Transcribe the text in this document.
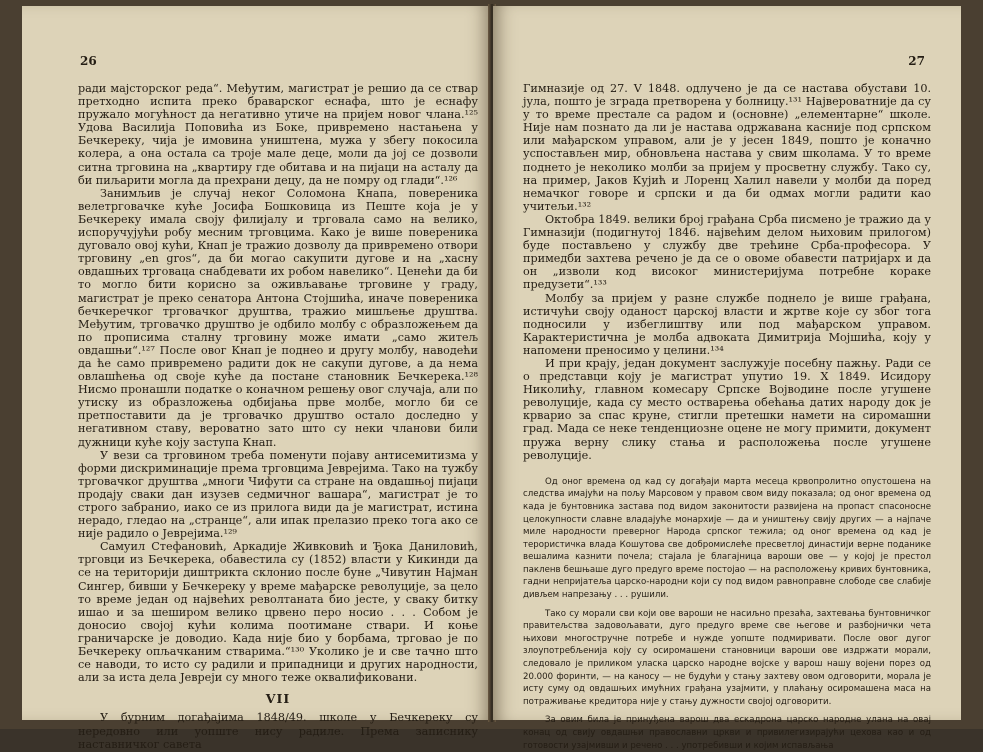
26

ради мајсторског реда“. Међутим, магистрат је решио да се ствар претходно испита преко браварског еснафа, што је еснафу пружало могућност да негативно утиче на пријем новог члана.¹²⁵ Удова Василија Поповића из Боке, привремено настањена у Бечкереку, чија је имовина уништена, мужа у збегу покосила колера, а она остала са троје мале деце, моли да јој се дозволи ситна трговина на „квартиру где обитава и на пијаци на асталу да би пиљарити могла да прехрани децу, да не помру од глади“.¹²⁶

Занимљив је случај неког Соломона Кнапа, повереника велетрговачке куће Јосифа Бошковица из Пеште која је у Бечкереку имала своју филијалу и трговала само на велико, испоручујући робу месним трговцима. Како је више повереника дуговало овој кући, Кнап је тражио дозволу да привремено отвори трговину „en gros“, да би могао сакупити дугове и на „хасну овдашњих трговаца снабдевати их робом навелико“. Ценећи да би то могло бити корисно за оживљавање трговине у граду, магистрат је преко сенатора Антона Стојшића, иначе повереника бечкеречког трговачког друштва, тражио мишљење друштва. Међутим, трговачко друштво је одбило молбу с образложењем да по прописима сталну трговину може имати „само житељ овдашњи“.¹²⁷ После овог Кнап је поднео и другу молбу, наводећи да ће само привремено радити док не сакупи дугове, а да нема овлашћења од своје куће да постане становник Бечкерека.¹²⁸ Нисмо пронашли податке о коначном решењу овог случаја, али по утиску из образложења одбијања прве молбе, могло би се претпоставити да је трговачко друштво остало доследно у негативном ставу, вероватно зато што су неки чланови били дужници куће коју заступа Кнап.

У вези са трговином треба поменути појаву антисемитизма у форми дискриминације према трговцима Јеврејима. Тако на тужбу трговачког друштва „многи Чифути са стране на овдашњој пијаци продају сваки дан изузев седмичног вашара“, магистрат је то строго забранио, иако се из прилога види да је магистрат, истина нерадо, гледао на „странце“, али ипак прелазио преко тога ако се није радило о Јеврејима.¹²⁹

Самуил Стефановић, Аркадије Живковић и Ђока Даниловић, трговци из Бечкерека, обавестила су (1852) власти у Кикинди да се на територији диштрикта склонио после буне „Чивутин Најман Сингер, бивши у Бечкереку у време мађарске револуције, за цело то време један од највећих револтаната био јесте, у сваку битку ишао и за шеширом велико црвено перо носио . . . Собом је доносио својој кући колима поотимане ствари. И коње граничарске је доводио. Када није био у борбама, трговао је по Бечкереку опљачканим стварима.“¹³⁰ Уколико је и све тачно што се наводи, то исто су радили и припадници и других народности, али за иста дела Јевреји су много теже оквалификовани.

VII

У бурним догађајима 1848/49. школе у Бечкереку су нередовно или уопште нису радиле. Према записнику наставничког савета

27

Гимназије од 27. V 1848. одлучено је да се настава обустави 10. јула, пошто је зграда претворена у болницу.¹³¹ Највероватније да су у то време престале са радом и (основне) „елементарне“ школе. Није нам познато да ли је настава одржавана касније под српском или мађарском управом, али је у јесен 1849, пошто је коначно успостављен мир, обновљена настава у свим школама. У то време поднето је неколико молби за пријем у просветну службу. Тако су, на пример, Јаков Кујић и Лоренц Халил навели у молби да поред немачког говоре и српски и да би одмах могли радити као учитељи.¹³²

Октобра 1849. велики број грађана Срба писмено је тражио да у Гимназији (подигнутој 1846. највећим делом њиховим прилогом) буде постављено у службу две трећине Срба-професора. У примедби захтева речено је да се о овоме обавести патријарх и да он „изволи код високог министеријума потребне кораке предузети“.¹³³

Молбу за пријем у разне службе поднело је више грађана, истичући своју оданост царској власти и жртве које су због тога подносили у избеглиштву или под мађарском управом. Карактеристична је молба адвоката Димитрија Мојшића, коју у напомени преносимо у целини.¹³⁴

И при крају, један документ заслужује посебну пажњу. Ради се о представци коју је магистрат упутио 19. X 1849. Исидору Николићу, главном комесару Српске Војводине после угушене револуције, када су место остварења обећања датих народу док је крварио за спас круне, стигли претешки намети на сиромашни град. Мада се неке тенденциозне оцене не могу примити, документ пружа верну слику стања и расположења после угушене револуције.

Од оног времена од кад су догађаји марта месеца крвопролитно опустошена на следства имајући на пољу Марсовом у правом свом виду показала; од оног времена од када је бунтовника застава под видом законитости развијена на пропаст спасоносне целокупности славне владајуће монархије — да и уништењу свију других — а најпаче миле народности преверног Народа српског тежила; од оног времена од кад је терористичка влада Кошутова све добромислеће пресветлој династији верне поданике вешалима казнити почела; стајала је благајница вароши ове — у којој је престол пакленв бешњаше дуго предуго време постојао — на расположењу кривих бунтовника, гадни непријатеља царско-народни који су под видом равноправне слободе све слабије дивљем напрезању . . . рушили.

Тако су морали сви који ове вароши не насиљно презаћа, захтевања бунтовничког правитељства задовољавати, дуго предуго време све његове и разбојнички чета њихови многостручне потребе и нужде уопште подмиривати. После овог дугог злоупотребљенија коју су осиромашени становници вароши ове издржати морали, следовало је приликом уласка царско народне војске у варош нашу војени порез од 20.000 форинти, — на каносу — не будући у стању захтеву овом одговорити, морала је исту суму од овдашњих имућних грађана узајмити, у плаћању осиромашена маса на потраживање кредитора није у стању дужности својој одговорити.

За овим била је принуђена варош два ескадрона царско народне улана на овај конац од свију овдашњи православни цркви и привилегизирајући цехова као и од готовости узајмивши и речено . . . употребивши и којим испављања
